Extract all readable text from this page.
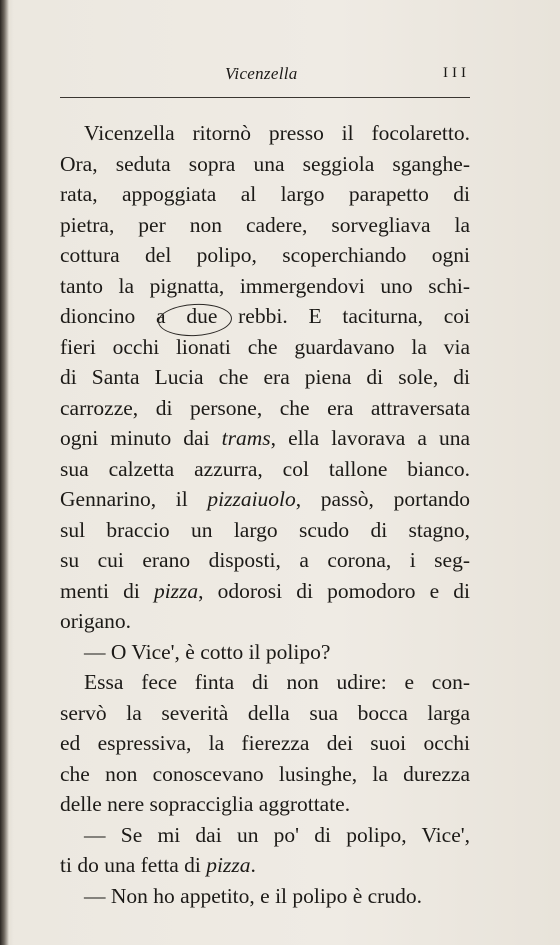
Vicenzella	III
Vicenzella ritornò presso il focolaretto.
Ora, seduta sopra una seggiola sganghe-
rata, appoggiata al largo parapetto di
pietra, per non cadere, sorvegliava la
cottura del polipo, scoperchiando ogni
tanto la pignatta, immergendovi uno schi-
dioncino a due rebbi. E taciturna, coi
fieri occhi lionati che guardavano la via
di Santa Lucia che era piena di sole, di
carrozze, di persone, che era attraversata
ogni minuto dai trams, ella lavorava a una
sua calzetta azzurra, col tallone bianco.
Gennarino, il pizzaiuolo, passò, portando
sul braccio un largo scudo di stagno,
su cui erano disposti, a corona, i seg-
menti di pizza, odorosi di pomodoro e di
origano.
— O Vice', è cotto il polipo?
Essa fece finta di non udire: e con-
servò la severità della sua bocca larga
ed espressiva, la fierezza dei suoi occhi
che non conoscevano lusinghe, la durezza
delle nere sopracciglia aggrottate.
— Se mi dai un po' di polipo, Vice',
ti do una fetta di pizza.
— Non ho appetito, e il polipo è crudo.
